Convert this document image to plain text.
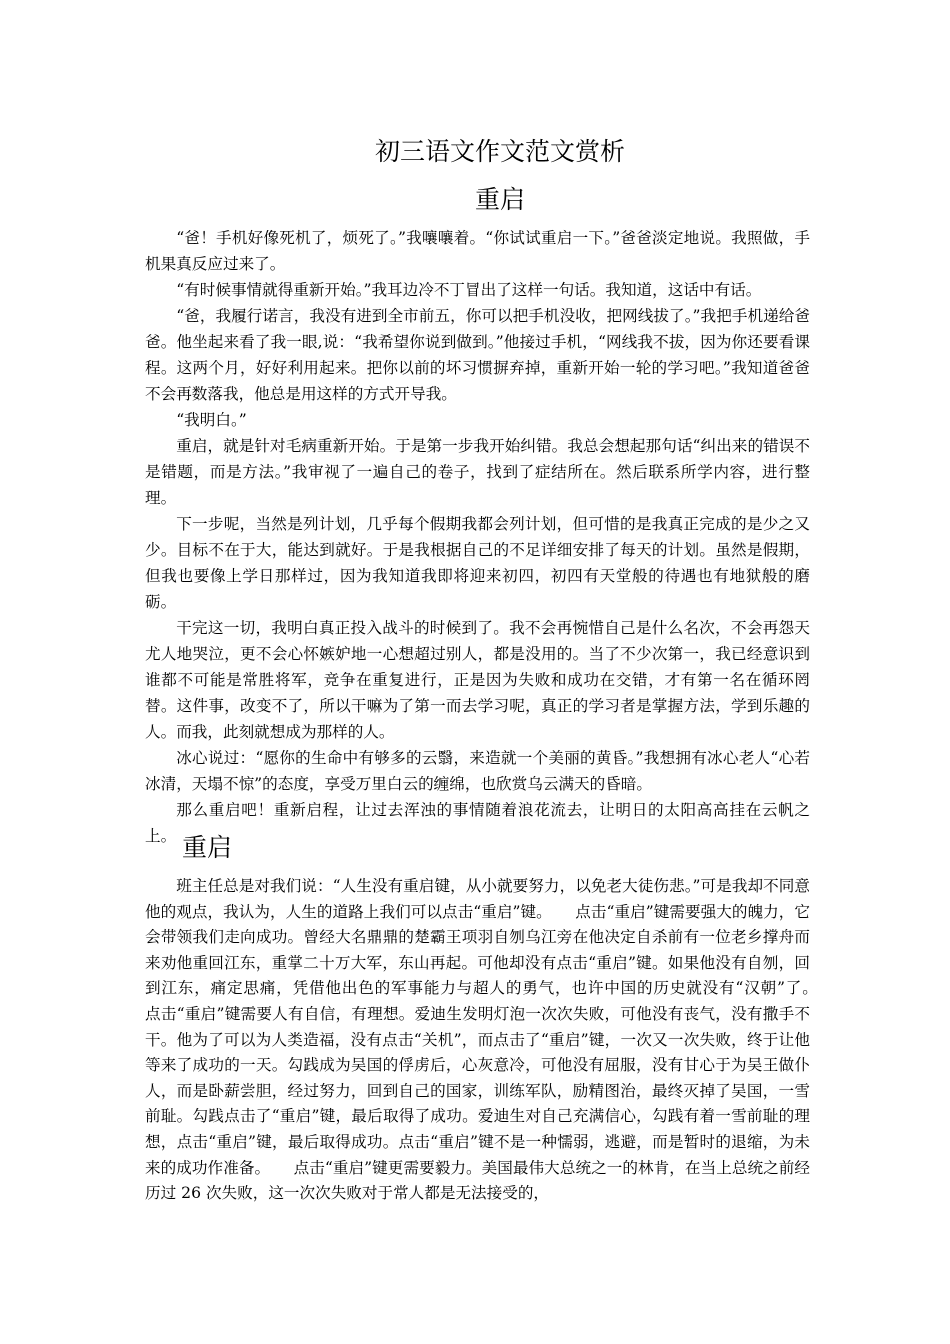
初三语文作文范文赏析
重启

“爸！手机好像死机了，烦死了。”我嚷嚷着。“你试试重启一下。”爸爸淡定地说。我照做，手机果真反应过来了。

“有时候事情就得重新开始。”我耳边冷不丁冒出了这样一句话。我知道，这话中有话。

“爸，我履行诺言，我没有进到全市前五，你可以把手机没收，把网线拔了。”我把手机递给爸爸。他坐起来看了我一眼,说：“我希望你说到做到。”他接过手机，“网线我不拔，因为你还要看课程。这两个月，好好利用起来。把你以前的坏习惯摒弃掉，重新开始一轮的学习吧。”我知道爸爸不会再数落我，他总是用这样的方式开导我。

“我明白。”

重启，就是针对毛病重新开始。于是第一步我开始纠错。我总会想起那句话“纠出来的错误不是错题，而是方法。”我审视了一遍自己的卷子，找到了症结所在。然后联系所学内容，进行整理。

下一步呢，当然是列计划，几乎每个假期我都会列计划，但可惜的是我真正完成的是少之又少。目标不在于大，能达到就好。于是我根据自己的不足详细安排了每天的计划。虽然是假期，但我也要像上学日那样过，因为我知道我即将迎来初四，初四有天堂般的待遇也有地狱般的磨砺。

干完这一切，我明白真正投入战斗的时候到了。我不会再惋惜自己是什么名次，不会再怨天尤人地哭泣，更不会心怀嫉妒地一心想超过别人，都是没用的。当了不少次第一，我已经意识到谁都不可能是常胜将军，竞争在重复进行，正是因为失败和成功在交错，才有第一名在循环罔替。这件事，改变不了，所以干嘛为了第一而去学习呢，真正的学习者是掌握方法，学到乐趣的人。而我，此刻就想成为那样的人。

冰心说过：“愿你的生命中有够多的云翳，来造就一个美丽的黄昏。”我想拥有冰心老人“心若冰清，天塌不惊”的态度，享受万里白云的缠绵，也欣赏乌云满天的昏暗。

那么重启吧！重新启程，让过去浑浊的事情随着浪花流去，让明日的太阳高高挂在云帆之上。 重启

班主任总是对我们说：“人生没有重启键，从小就要努力，以免老大徒伤悲。”可是我却不同意他的观点，我认为，人生的道路上我们可以点击“重启”键。　　点击“重启”键需要强大的魄力，它会带领我们走向成功。曾经大名鼎鼎的楚霸王项羽自刎乌江旁在他决定自杀前有一位老乡撑舟而来劝他重回江东，重掌二十万大军，东山再起。可他却没有点击“重启”键。如果他没有自刎，回到江东，痛定思痛，凭借他出色的军事能力与超人的勇气，也许中国的历史就没有“汉朝”了。　　点击“重启”键需要人有自信，有理想。爱迪生发明灯泡一次次失败，可他没有丧气，没有撒手不干。他为了可以为人类造福，没有点击“关机”，而点击了“重启”键，一次又一次失败，终于让他等来了成功的一天。勾践成为吴国的俘虏后，心灰意冷，可他没有屈服，没有甘心于为吴王做仆人，而是卧薪尝胆，经过努力，回到自己的国家，训练军队，励精图治，最终灭掉了吴国，一雪前耻。勾践点击了“重启”键，最后取得了成功。爱迪生对自己充满信心，勾践有着一雪前耻的理想，点击“重启”键，最后取得成功。点击“重启”键不是一种懦弱，逃避，而是暂时的退缩，为未来的成功作准备。　　点击“重启”键更需要毅力。美国最伟大总统之一的林肯，在当上总统之前经历过 26 次失败，这一次次失败对于常人都是无法接受的，
